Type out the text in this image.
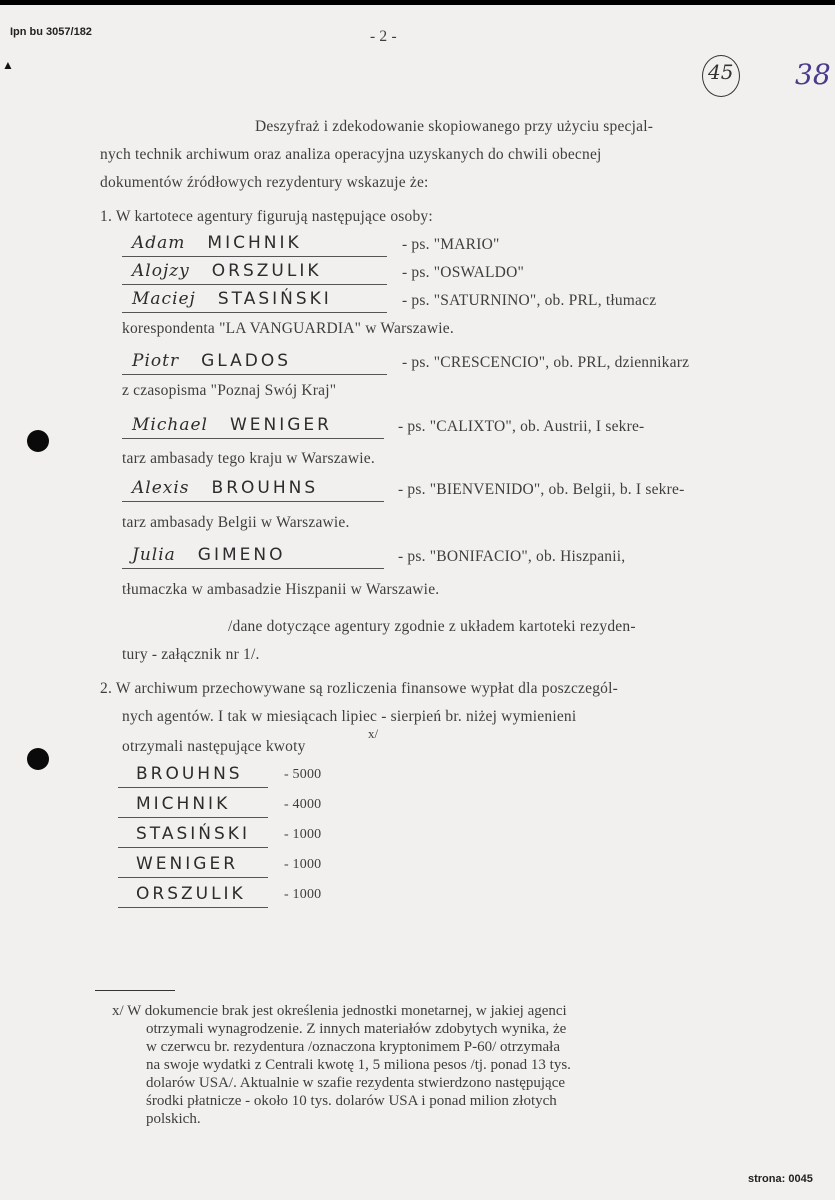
Ipn bu 3057/182
▲
- 2 -
45 38
Deszyfraż i zdekodowanie skopiowanego przy użyciu specjal-
nych technik archiwum oraz analiza operacyjna uzyskanych do chwili obecnej
dokumentów źródłowych rezydentury wskazuje że:
1. W kartotece agentury figurują następujące osoby:
Adam MICHNIK	- ps. "MARIO"
Alojzy ORSZULIK	- ps. "OSWALDO"
Maciej STASIŃSKI	- ps. "SATURNINO", ob. PRL, tłumacz
korespondenta "LA VANGUARDIA" w Warszawie.
Piotr GLADOS	- ps. "CRESCENCIO", ob. PRL, dziennikarz
z czasopisma "Poznaj Swój Kraj"
Michael WENIGER	- ps. "CALIXTO", ob. Austrii, I sekre-
tarz ambasady tego kraju w Warszawie.
Alexis BROUHNS	- ps. "BIENVENIDO", ob. Belgii, b. I sekre-
tarz ambasady Belgii w Warszawie.
Julia GIMENO	- ps. "BONIFACIO", ob. Hiszpanii,
tłumaczka w ambasadzie Hiszpanii w Warszawie.
/dane dotyczące agentury zgodnie z układem kartoteki rezyden-
tury - załącznik nr 1/.
2. W archiwum przechowywane są rozliczenia finansowe wypłat dla poszczegól-
nych agentów. I tak w miesiącach lipiec - sierpień br. niżej wymienieni
otrzymali następujące kwoty
x/
BROUHNS	- 5000
MICHNIK	- 4000
STASIŃSKI - 1000
WENIGER	- 1000
ORSZULIK	- 1000
x/ W dokumencie brak jest określenia jednostki monetarnej, w jakiej agenci
otrzymali wynagrodzenie. Z innych materiałów zdobytych wynika, że
w czerwcu br. rezydentura /oznaczona kryptonimem P-60/ otrzymała
na swoje wydatki z Centrali kwotę 1, 5 miliona pesos /tj. ponad 13 tys.
dolarów USA/. Aktualnie w szafie rezydenta stwierdzono następujące
środki płatnicze - około 10 tys. dolarów USA i ponad milion złotych
polskich.
strona: 0045
